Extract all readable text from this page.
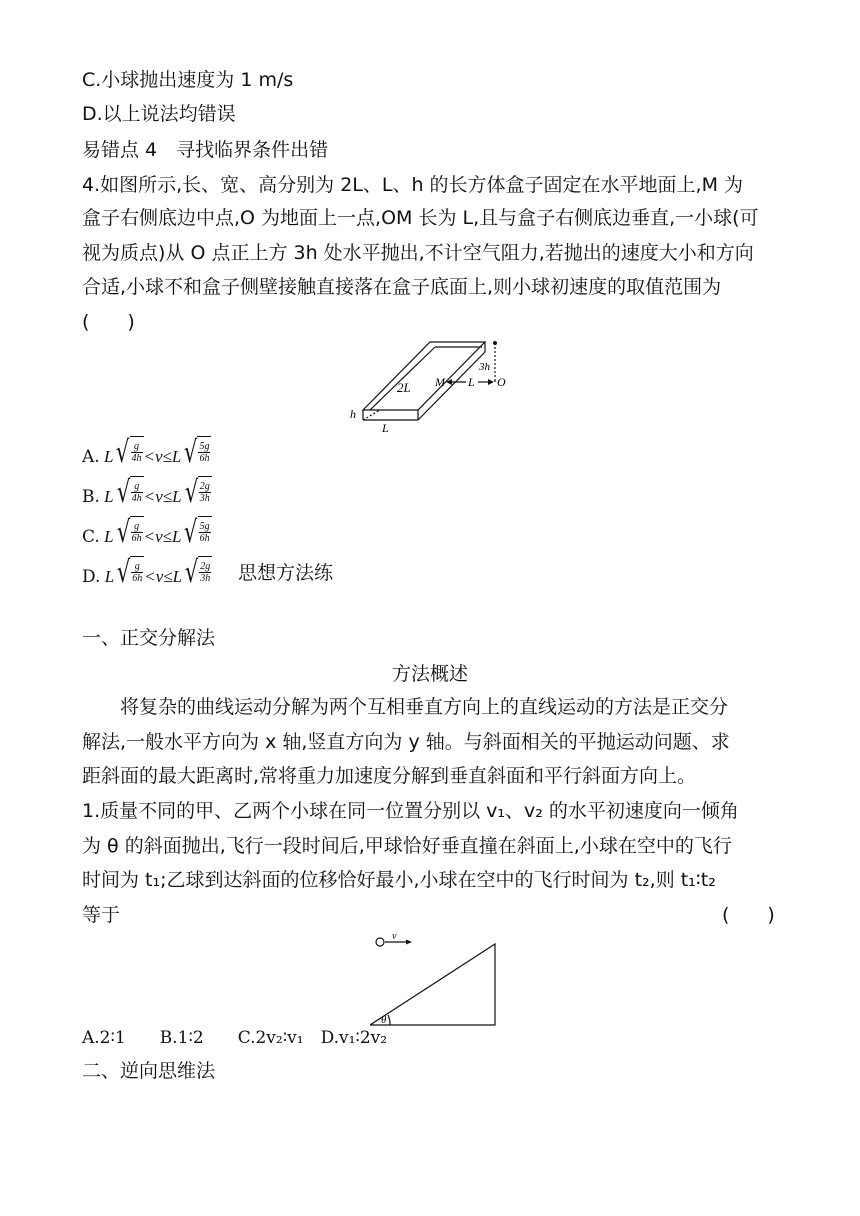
C.小球抛出速度为 1 m/s
D.以上说法均错误
易错点 4　寻找临界条件出错
4.如图所示,长、宽、高分别为 2L、L、h 的长方体盒子固定在水平地面上,M 为
盒子右侧底边中点,O 为地面上一点,OM 长为 L,且与盒子右侧底边垂直,一小球(可
视为质点)从 O 点正上方 3h 处水平抛出,不计空气阻力,若抛出的速度大小和方向
合适,小球不和盒子侧壁接触直接落在盒子底面上,则小球初速度的取值范围为
(　　)
2L
h
L
3h
M L O
A. L √ $\frac{g}{4h} <v\le L$ √ $\frac{5g}{6h}$
B. L √ $\frac{g}{4h} <v\le L$ √ $\frac{2g}{3h}$
C. L √ $\frac{g}{6h} <v\le L$ √ $\frac{5g}{6h}$
D. L √ $\frac{g}{6h} <v\le L$ √ $\frac{2g}{3h}$ 思想方法练
一、正交分解法
方法概述
　　将复杂的曲线运动分解为两个互相垂直方向上的直线运动的方法是正交分
解法,一般水平方向为 x 轴,竖直方向为 y 轴。与斜面相关的平抛运动问题、求
距斜面的最大距离时,常将重力加速度分解到垂直斜面和平行斜面方向上。
1.质量不同的甲、乙两个小球在同一位置分别以 v₁、v₂ 的水平初速度向一倾角
为 θ 的斜面抛出,飞行一段时间后,甲球恰好垂直撞在斜面上,小球在空中的飞行
时间为 t₁;乙球到达斜面的位移恰好最小,小球在空中的飞行时间为 t₂,则 t₁∶t₂
等于	(　　)
v
θ
A.2∶1　　B.1∶2　　C.2v₂∶v₁　D.v₁∶2v₂
二、逆向思维法
